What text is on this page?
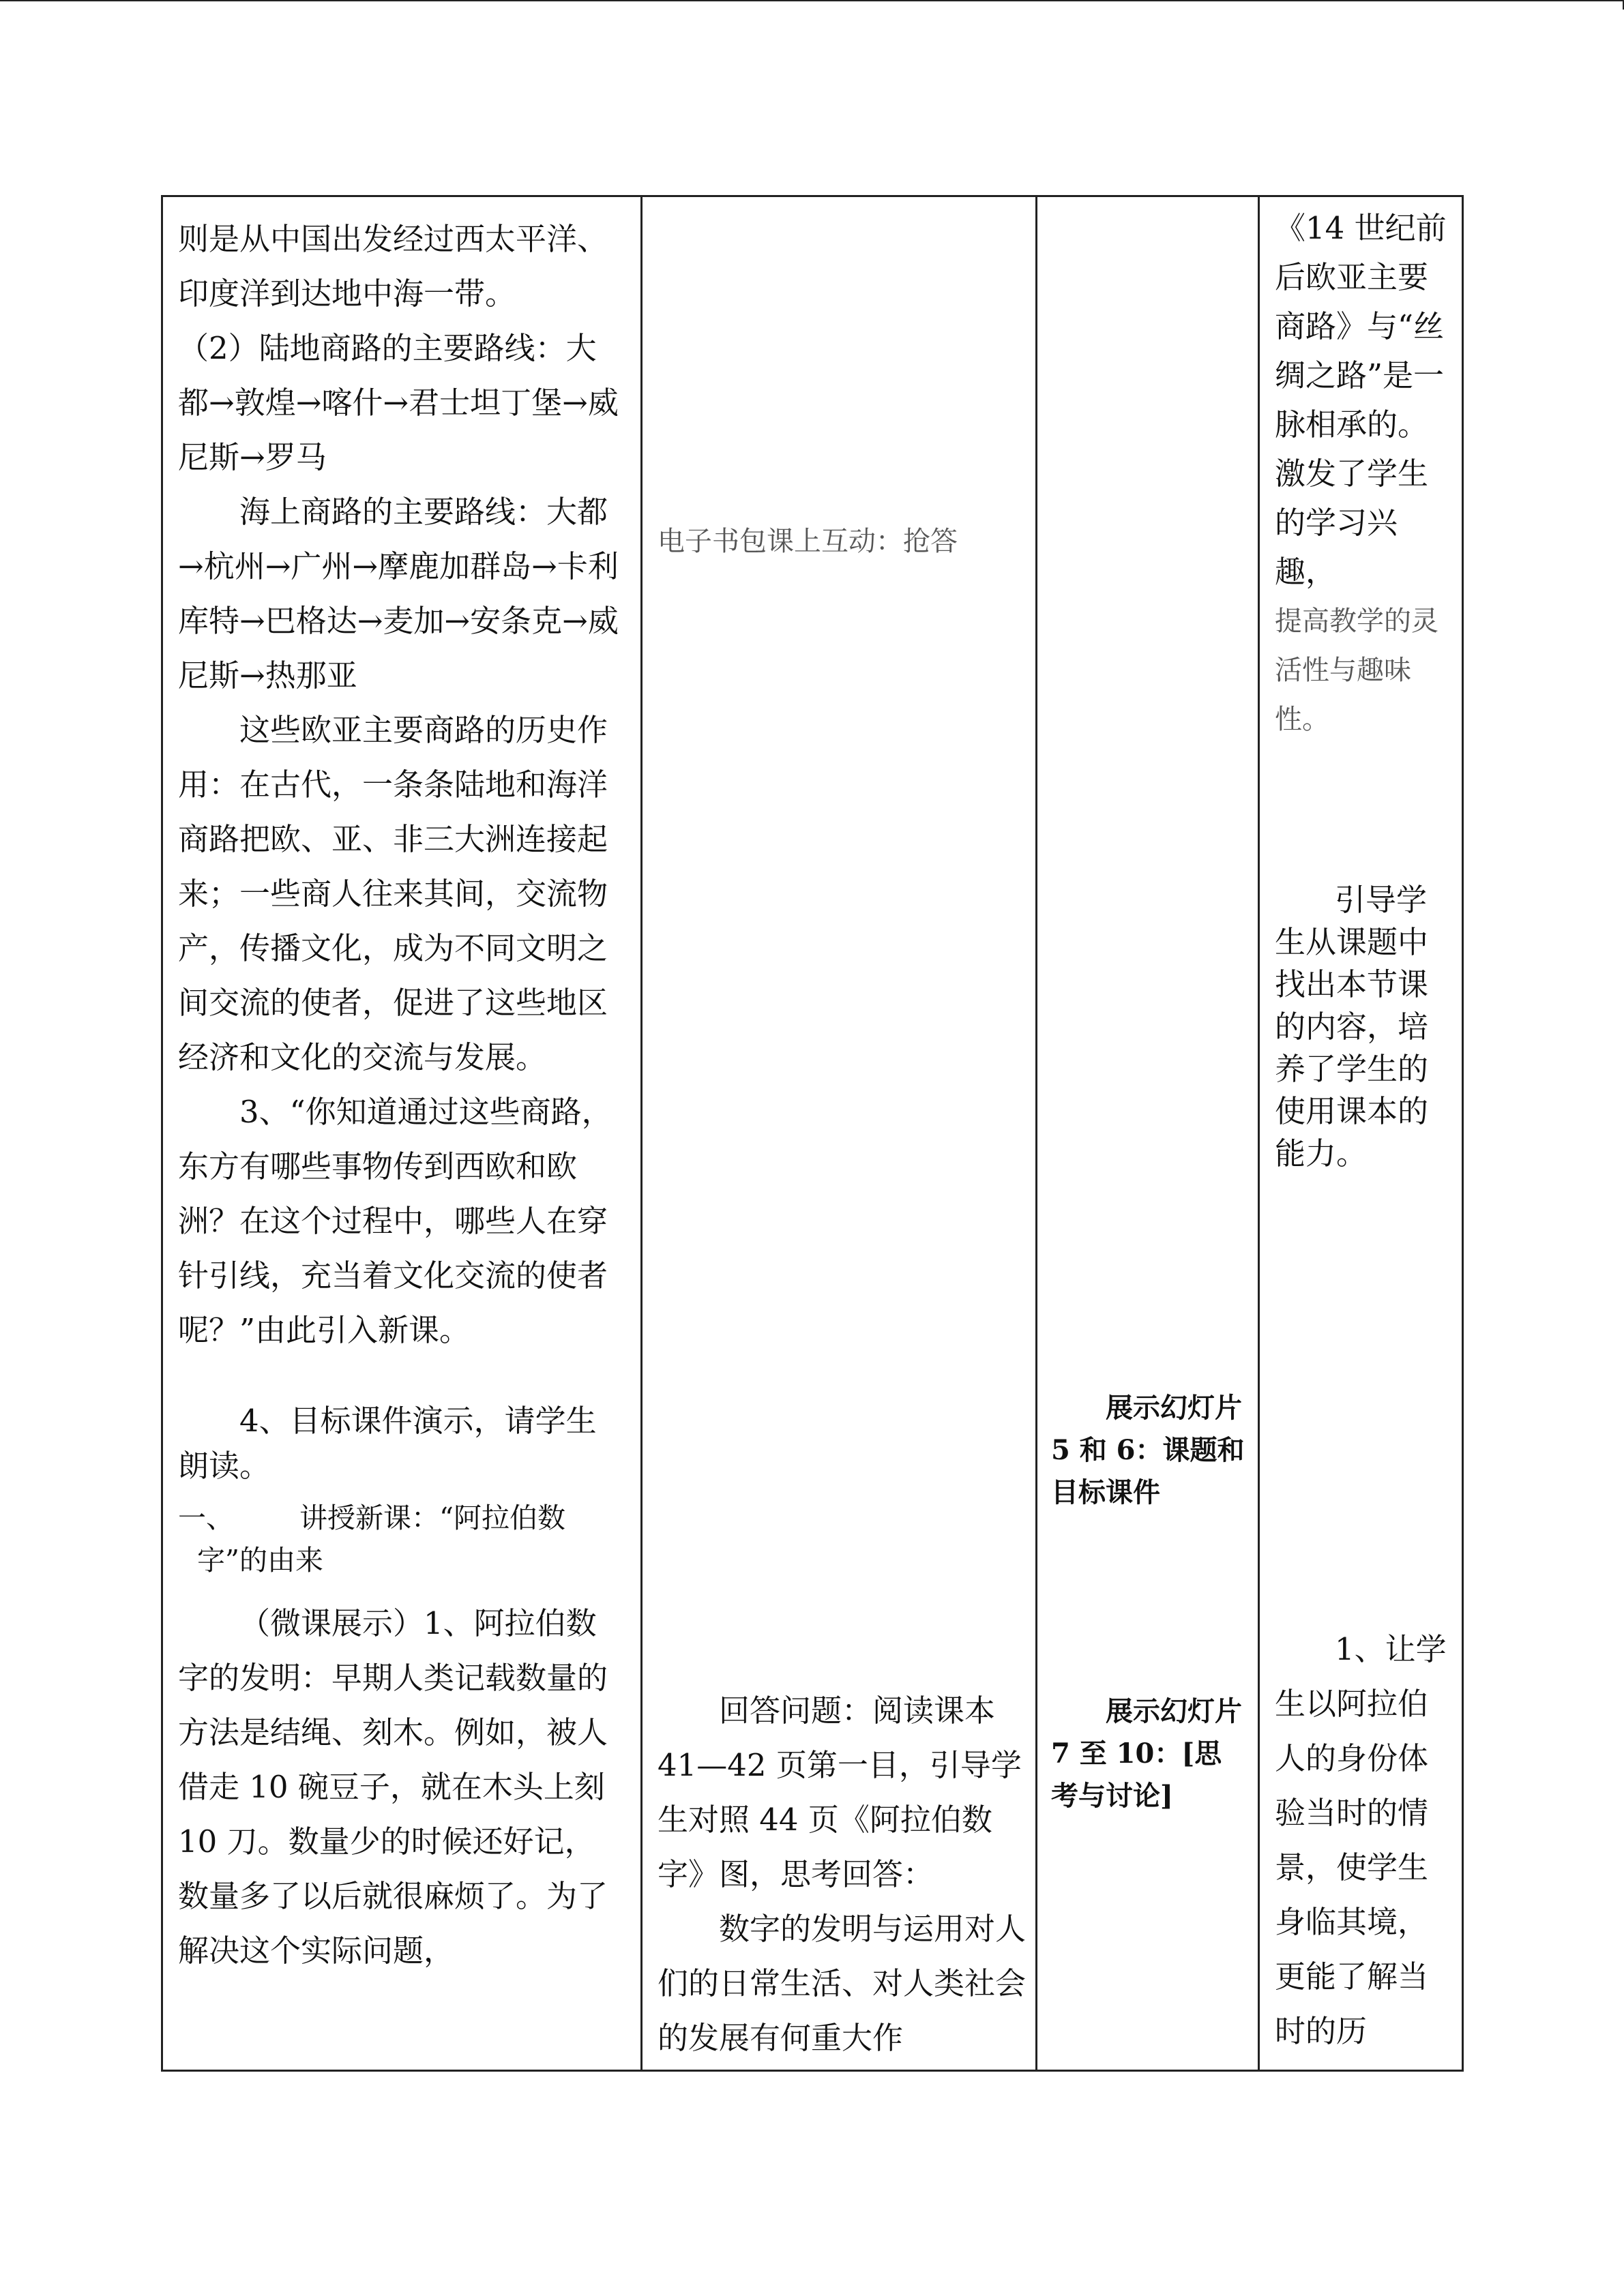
则是从中国出发经过西太平洋、印度洋到达地中海一带。

（2）陆地商路的主要路线：大都→敦煌→喀什→君士坦丁堡→威尼斯→罗马

海上商路的主要路线：大都→杭州→广州→摩鹿加群岛→卡利库特→巴格达→麦加→安条克→威尼斯→热那亚

这些欧亚主要商路的历史作用：在古代，一条条陆地和海洋商路把欧、亚、非三大洲连接起来；一些商人往来其间，交流物产，传播文化，成为不同文明之间交流的使者，促进了这些地区经济和文化的交流与发展。

3、“你知道通过这些商路，东方有哪些事物传到西欧和欧洲？在这个过程中，哪些人在穿针引线，充当着文化交流的使者呢？”由此引入新课。

4、目标课件演示，请学生朗读。

一、	讲授新课：“阿拉伯数字”的由来

（微课展示）1、阿拉伯数字的发明：早期人类记载数量的方法是结绳、刻木。例如，被人借走 10 碗豆子，就在木头上刻 10 刀。数量少的时候还好记，数量多了以后就很麻烦了。为了解决这个实际问题，

电子书包课上互动：抢答

回答问题：阅读课本 41—42 页第一目，引导学生对照 44 页《阿拉伯数字》图，思考回答：

数字的发明与运用对人们的日常生活、对人类社会的发展有何重大作

展示幻灯片 5 和 6：课题和目标课件

展示幻灯片 7 至 10：[思考与讨论]

《14 世纪前后欧亚主要商路》与“丝绸之路”是一脉相承的。激发了学生的学习兴趣，

提高教学的灵活性与趣味性。

引导学生从课题中找出本节课的内容，培养了学生的使用课本的能力。

1、让学生以阿拉伯人的身份体验当时的情景，使学生身临其境，更能了解当时的历
